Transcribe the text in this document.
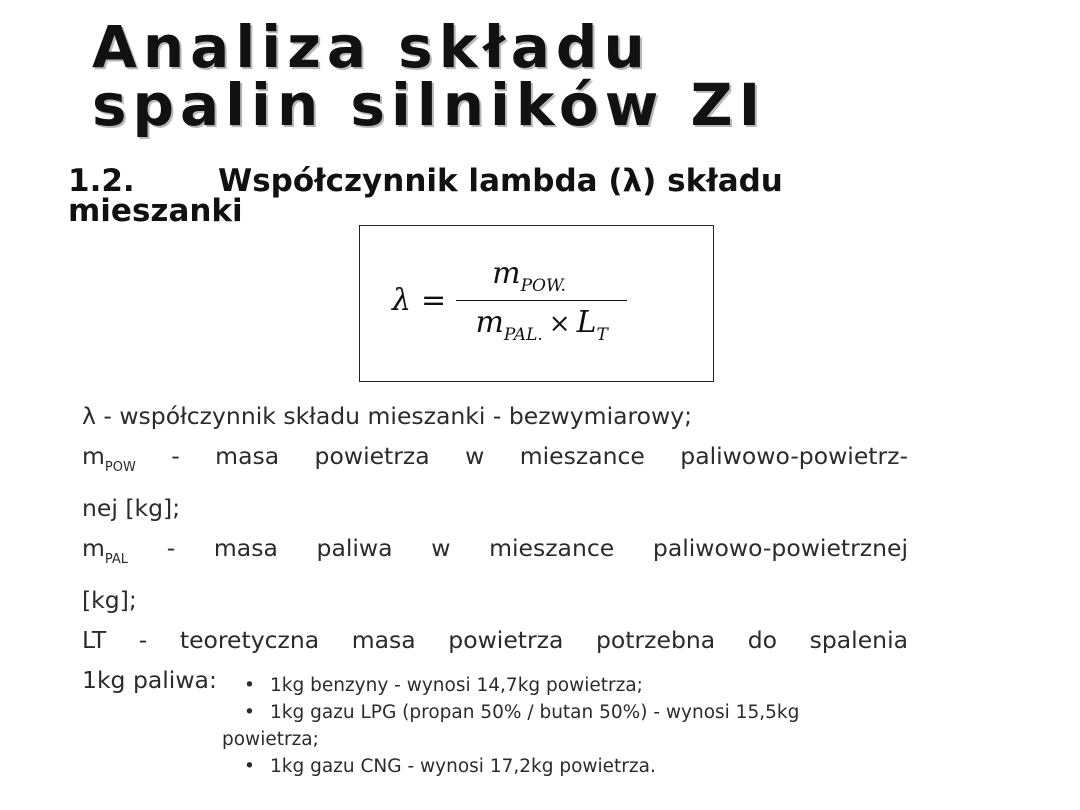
Analiza składu
spalin silników ZI
1.2.	Współczynnik lambda (λ) składu
mieszanki
$\lambda = \frac{m_{POW.}}{m_{PAL.} \times L_T}$

λ - współczynnik składu mieszanki - bezwymiarowy;

$m_{POW}$ - masa powietrza w mieszance paliwowo-powietrz-

nej [kg];

$m_{PAL}$ - masa paliwa w mieszance paliwowo-powietrznej

[kg];

LT - teoretyczna masa powietrza potrzebna do spalenia

1kg paliwa:	• 1kg benzyny - wynosi 14,7kg powietrza;

• 1kg gazu LPG (propan 50% / butan 50%) - wynosi 15,5kg

powietrza;

• 1kg gazu CNG - wynosi 17,2kg powietrza.
